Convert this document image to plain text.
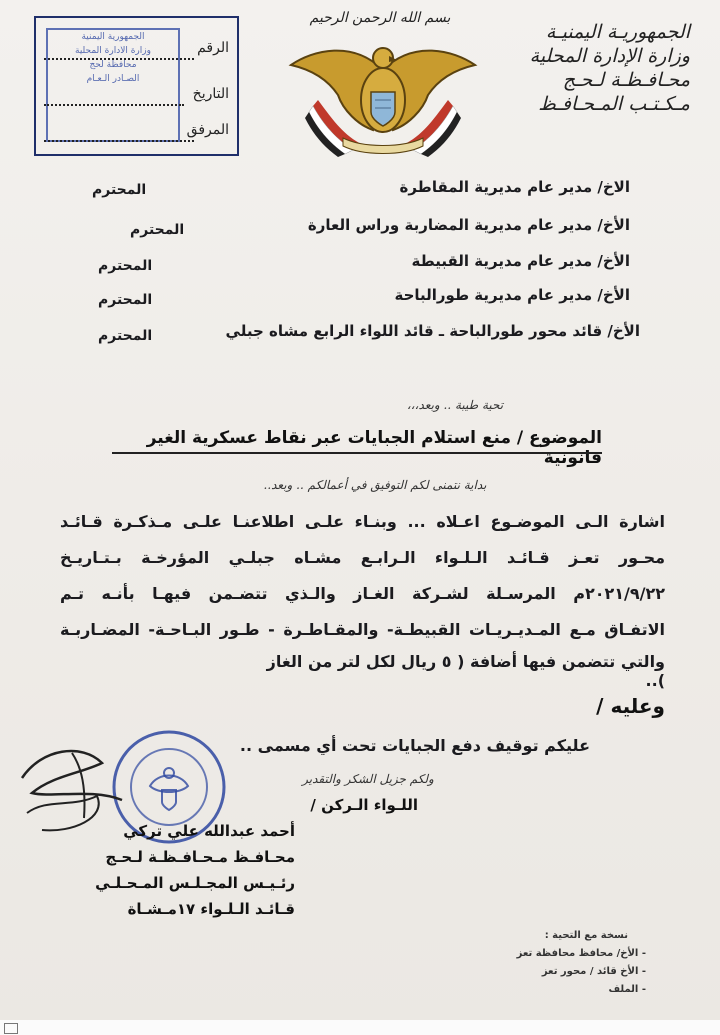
بسم الله الرحمن الرحيم
الجمهوريـة اليمنيـة
وزارة الإدارة المحلية
محـافـظـة لـحـج
مـكـتـب المـحـافـظ
الجمهورية اليمنية
وزارة الادارة المحلية
محافظة لحج
الصـادر الـعـام
الرقم
التاريخ
المرفق
الاخ/ مدير عام مديرية المقاطرة
المحترم
الأخ/ مدير عام مديرية المضاربة وراس العارة
المحترم
الأخ/ مدير عام مديرية القبيطة
المحترم
الأخ/ مدير عام مديرية طورالباحة
المحترم
الأخ/ قائد محور طورالباحة ـ قائد اللواء الرابع مشاه جبلي
المحترم
تحية طيبة .. وبعد،،،
الموضوع / منع استلام الجبايات عبر نقاط عسكرية الغير قانونية
بداية نتمنى لكم التوفيق في أعمالكم .. وبعد..
اشارة الـى الموضـوع اعـلاه ... وبنـاء علـى اطلاعنـا علـى مـذكـرة قـائـد
محـور تعـز قـائـد الـلـواء الـرابـع مشـاه جبلـي المؤرخـة بـتـاريـخ
٢٠٢١/٩/٢٢م المرسـلة لشـركة الغـاز والـذي تتضـمن فيهـا بأنـه تـم
الاتفـاق مـع المـديـريـات القبيطـة- والمقـاطـرة - طـور البـاحـة- المضـاربـة
والتي تتضمن فيها أضافة ( ٥ ريال لكل لتر من الغاز )..
وعليه /
عليكم توقيف دفع الجبايات تحت أي مسمى ..
ولكم جزيل الشكر والتقدير
اللـواء الـركن /
أحمد عبدالله علي تركي
محـافـظ مـحـافـظـة لـحـج
رئـيـس المجـلـس المـحـلـي
قـائـد الـلـواء ١٧مـشـاة
نسخة مع التحية :
- الأخ/ محافظ محافظة تعز
- الأخ قائد / محور تعز
- الملف
